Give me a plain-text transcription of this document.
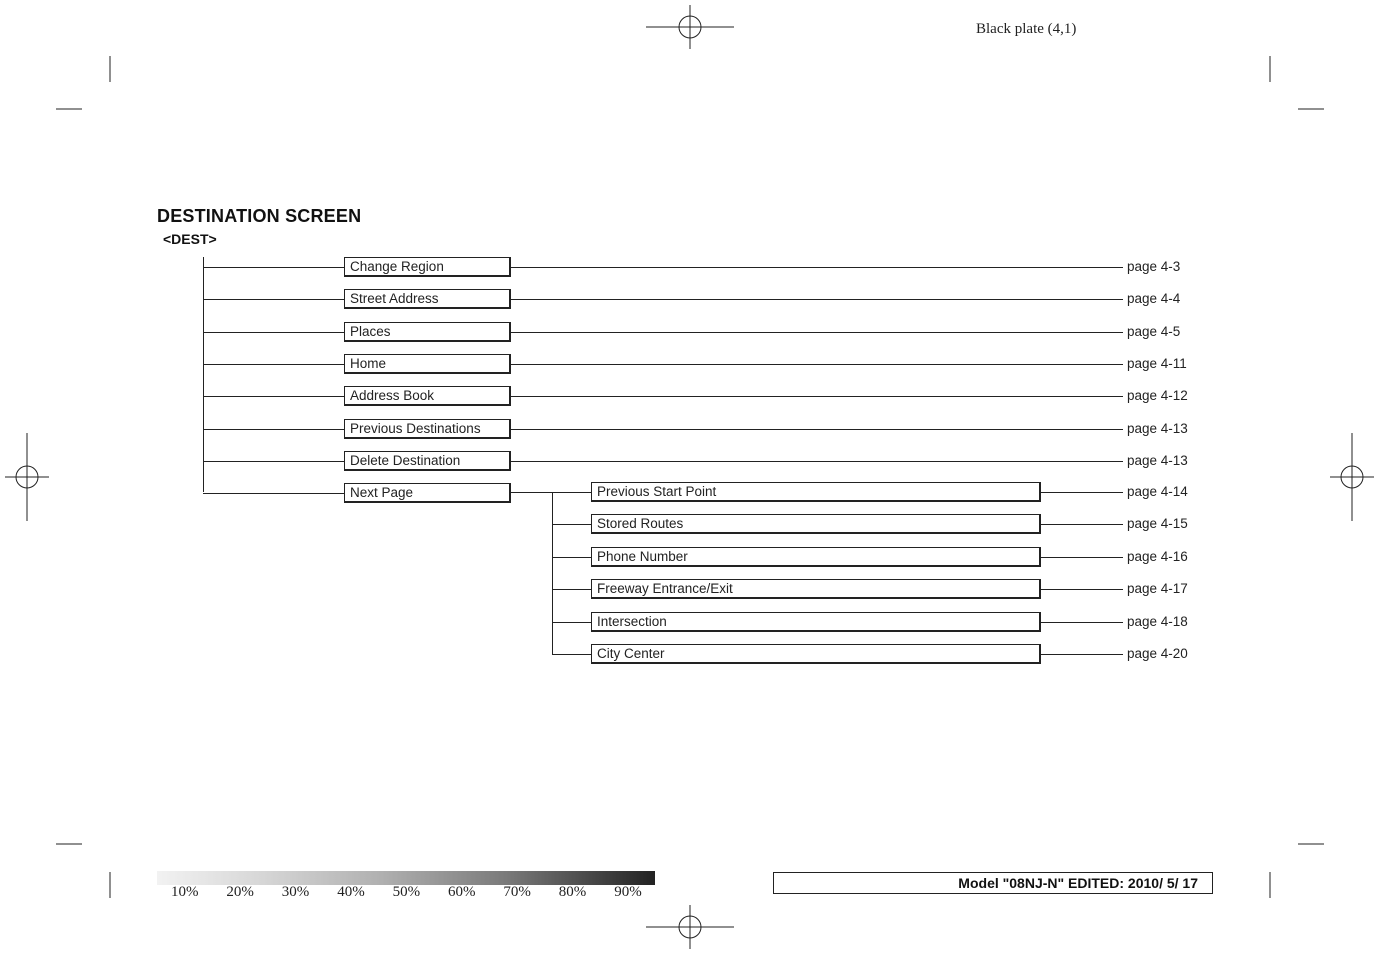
Black plate (4,1)
DESTINATION SCREEN
<DEST>
Change Region	page 4-3
Street Address	page 4-4
Places	page 4-5
Home	page 4-11
Address Book	page 4-12
Previous Destinations	page 4-13
Delete Destination	page 4-13
Next Page	Previous Start Point	page 4-14
Stored Routes	page 4-15
Phone Number	page 4-16
Freeway Entrance/Exit	page 4-17
Intersection	page 4-18
City Center	page 4-20
10% 20% 30% 40% 50% 60% 70% 80% 90%
Model "08NJ-N" EDITED: 2010/ 5/ 17
